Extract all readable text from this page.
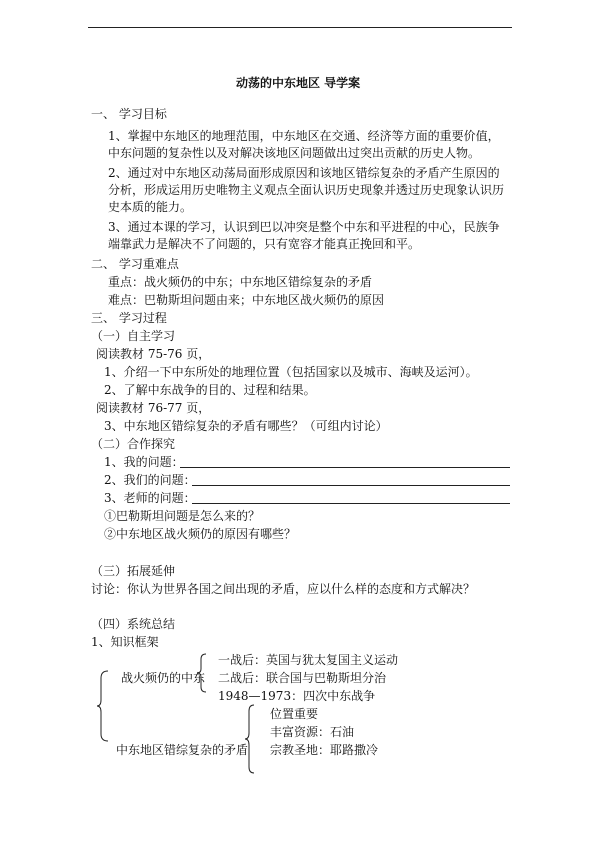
动荡的中东地区 导学案
一、 学习目标
1、掌握中东地区的地理范围，中东地区在交通、经济等方面的重要价值，中东问题的复杂性以及对解决该地区问题做出过突出贡献的历史人物。
2、通过对中东地区动荡局面形成原因和该地区错综复杂的矛盾产生原因的分析，形成运用历史唯物主义观点全面认识历史现象并透过历史现象认识历史本质的能力。
3、通过本课的学习，认识到巴以冲突是整个中东和平进程的中心，民族争端靠武力是解决不了问题的，只有宽容才能真正挽回和平。
二、 学习重难点
重点：战火频仍的中东；中东地区错综复杂的矛盾
难点：巴勒斯坦问题由来；中东地区战火频仍的原因
三、 学习过程
（一）自主学习
阅读教材 75-76 页，
1、介绍一下中东所处的地理位置（包括国家以及城市、海峡及运河）。
2、了解中东战争的目的、过程和结果。
阅读教材 76-77 页，
3、中东地区错综复杂的矛盾有哪些？（可组内讨论）
（二）合作探究
1、我的问题：
2、我们的问题：
3、老师的问题：
①巴勒斯坦问题是怎么来的？
②中东地区战火频仍的原因有哪些？
（三）拓展延伸
讨论：你认为世界各国之间出现的矛盾，应以什么样的态度和方式解决？
（四）系统总结
1、知识框架
战火频仍的中东
一战后：英国与犹太复国主义运动
二战后：联合国与巴勒斯坦分治
1948—1973：四次中东战争
中东地区错综复杂的矛盾
位置重要
丰富资源：石油
宗教圣地：耶路撒冷
